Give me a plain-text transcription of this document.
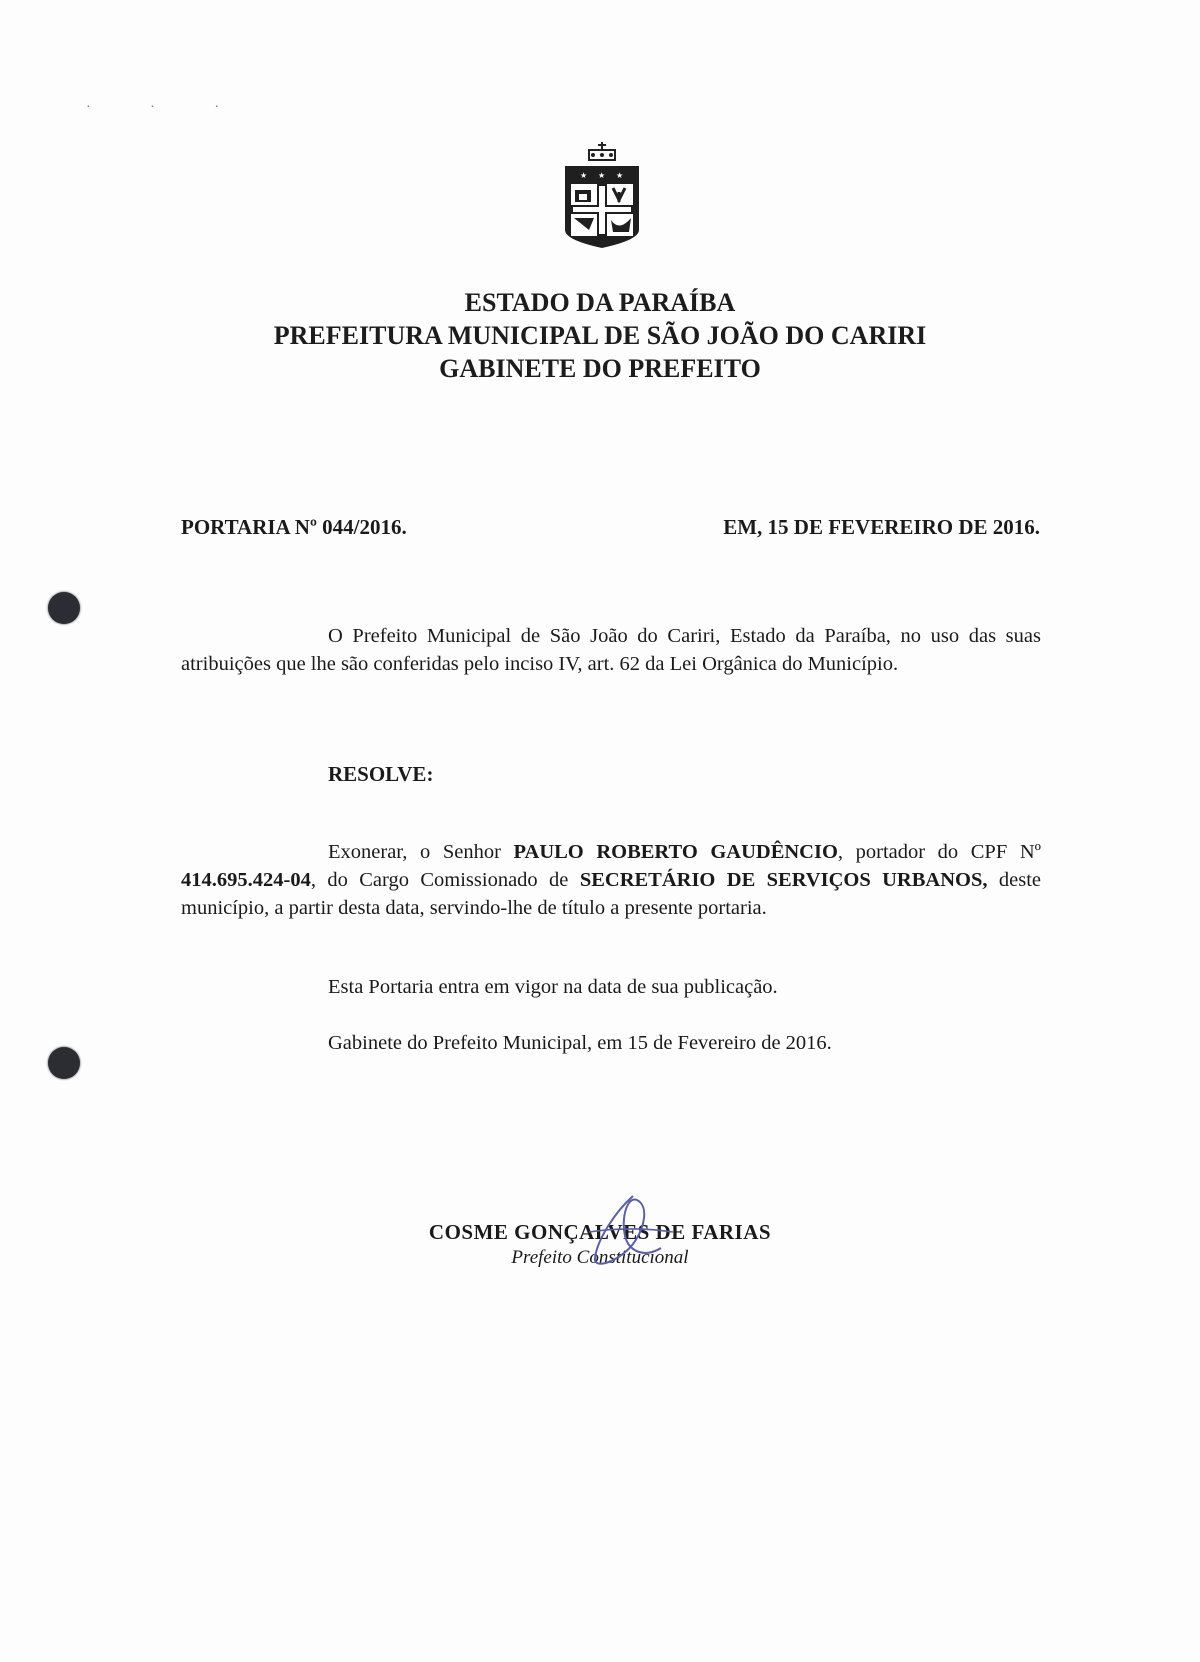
· · ·
★ ★ ★
ESTADO DA PARAÍBA
PREFEITURA MUNICIPAL DE SÃO JOÃO DO CARIRI
GABINETE DO PREFEITO
PORTARIA Nº 044/2016.	EM, 15 DE FEVEREIRO DE 2016.
O Prefeito Municipal de São João do Cariri, Estado da Paraíba, no uso das suas atribuições que lhe são conferidas pelo inciso IV, art. 62 da Lei Orgânica do Município.
RESOLVE:
Exonerar, o Senhor PAULO ROBERTO GAUDÊNCIO, portador do CPF Nº 414.695.424-04, do Cargo Comissionado de SECRETÁRIO DE SERVIÇOS URBANOS, deste município, a partir desta data, servindo-lhe de título a presente portaria.
Esta Portaria entra em vigor na data de sua publicação.
Gabinete do Prefeito Municipal, em 15 de Fevereiro de 2016.
COSME GONÇALVES DE FARIAS
Prefeito Constitucional
